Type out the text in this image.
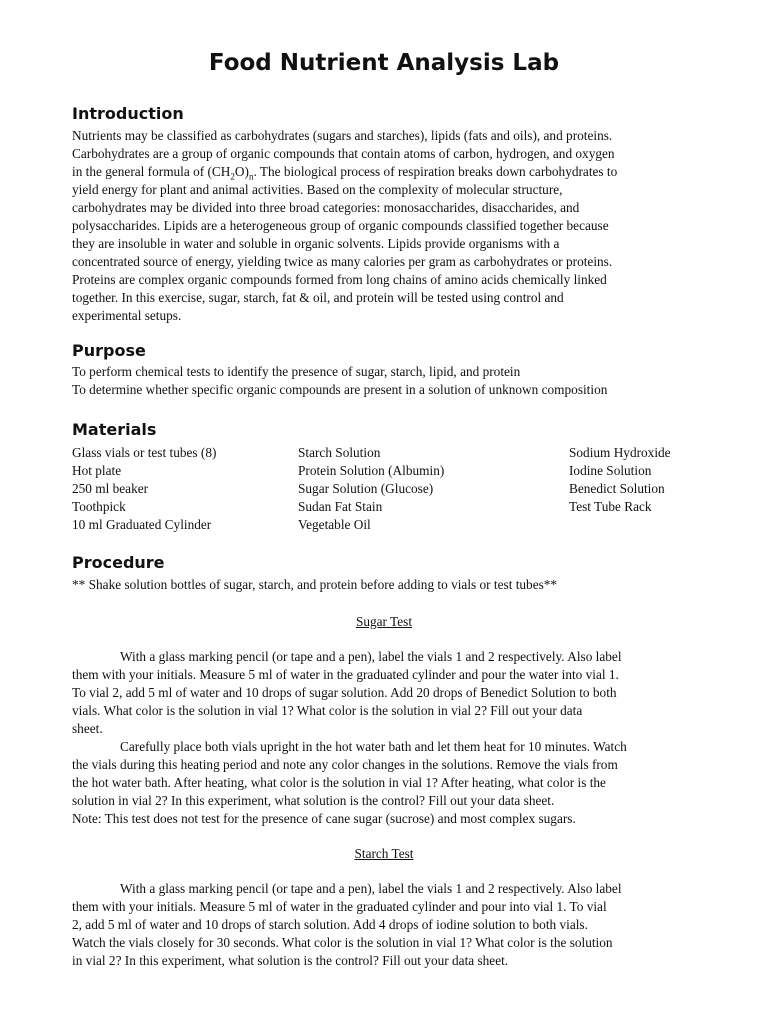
Food Nutrient Analysis Lab
Introduction
Nutrients may be classified as carbohydrates (sugars and starches), lipids (fats and oils), and proteins.
Carbohydrates are a group of organic compounds that contain atoms of carbon, hydrogen, and oxygen
in the general formula of $(CH_2O)_n$. The biological process of respiration breaks down carbohydrates to
yield energy for plant and animal activities. Based on the complexity of molecular structure,
carbohydrates may be divided into three broad categories: monosaccharides, disaccharides, and
polysaccharides. Lipids are a heterogeneous group of organic compounds classified together because
they are insoluble in water and soluble in organic solvents. Lipids provide organisms with a
concentrated source of energy, yielding twice as many calories per gram as carbohydrates or proteins.
Proteins are complex organic compounds formed from long chains of amino acids chemically linked
together. In this exercise, sugar, starch, fat & oil, and protein will be tested using control and
experimental setups.
Purpose
To perform chemical tests to identify the presence of sugar, starch, lipid, and protein
To determine whether specific organic compounds are present in a solution of unknown composition
Materials
Glass vials or test tubes (8)
Hot plate
250 ml beaker
Toothpick
10 ml Graduated Cylinder
Starch Solution
Protein Solution (Albumin)
Sugar Solution (Glucose)
Sudan Fat Stain
Vegetable Oil
Sodium Hydroxide
Iodine Solution
Benedict Solution
Test Tube Rack
Procedure
** Shake solution bottles of sugar, starch, and protein before adding to vials or test tubes**
Sugar Test
With a glass marking pencil (or tape and a pen), label the vials 1 and 2 respectively. Also label
them with your initials. Measure 5 ml of water in the graduated cylinder and pour the water into vial 1.
To vial 2, add 5 ml of water and 10 drops of sugar solution. Add 20 drops of Benedict Solution to both
vials. What color is the solution in vial 1? What color is the solution in vial 2? Fill out your data
sheet.
Carefully place both vials upright in the hot water bath and let them heat for 10 minutes. Watch
the vials during this heating period and note any color changes in the solutions. Remove the vials from
the hot water bath. After heating, what color is the solution in vial 1? After heating, what color is the
solution in vial 2? In this experiment, what solution is the control? Fill out your data sheet.
Note: This test does not test for the presence of cane sugar (sucrose) and most complex sugars.
Starch Test
With a glass marking pencil (or tape and a pen), label the vials 1 and 2 respectively. Also label
them with your initials. Measure 5 ml of water in the graduated cylinder and pour into vial 1. To vial
2, add 5 ml of water and 10 drops of starch solution. Add 4 drops of iodine solution to both vials.
Watch the vials closely for 30 seconds. What color is the solution in vial 1? What color is the solution
in vial 2? In this experiment, what solution is the control? Fill out your data sheet.
